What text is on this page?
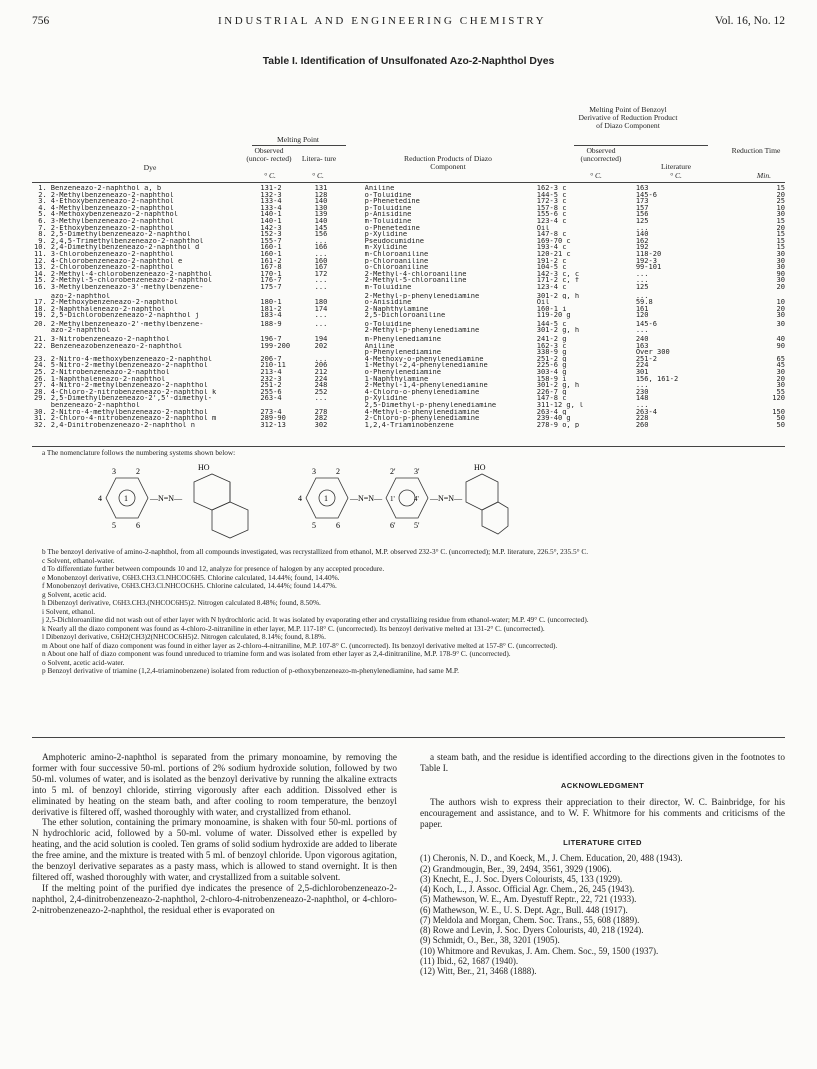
756	INDUSTRIAL AND ENGINEERING CHEMISTRY	Vol. 16, No. 12
Table I. Identification of Unsulfonated Azo-2-Naphthol Dyes
Melting Point
Observed (uncor- rected)	Litera- ture
° C.	° C.
Dye
Reduction Products of Diazo Component
Melting Point of Benzoyl Derivative of Reduction Product of Diazo Component
Observed (uncorrected)
Literature
° C.	° C.
Reduction Time
Min.
1.	Benzeneazo-2-naphthol a, b	131-2	131	Aniline	162-3 c	163	15
2.	2-Methylbenzeneazo-2-naphthol	132-3	128	o-Toluidine	144-5 c	145-6	20
3.	4-Ethoxybenzeneazo-2-naphthol	133-4	140	p-Phenetedine	172-3 c	173	25
4.	4-Methylbenzeneazo-2-naphthol	133-4	130	p-Toluidine	157-8 c	157	10
5.	4-Methoxybenzeneazo-2-naphthol	140-1	139	p-Anisidine	155-6 c	156	30
6.	3-Methylbenzeneazo-2-naphthol	140-1	140	m-Toluidine	123-4 c	125	15
7.	2-Ethoxybenzeneazo-2-naphthol	142-3	145	o-Phenetedine	Oil	...	20
8.	2,5-Dimethylbenzeneazo-2-naphthol	152-3	156	p-Xylidine	147-8 c	140	15
9.	2,4,5-Trimethylbenzeneazo-2-naphthol	155-7	...	Pseudocumidine	169-70 c	162	15
10.	2,4-Dimethylbenzeneazo-2-naphthol d	160-1	166	m-Xylidine	193-4 c	192	15
11.	3-Chlorobenzeneazo-2-naphthol	160-1	...	m-Chloroaniline	120-21 c	118-20	30
12.	4-Chlorobenzeneazo-2-naphthol e	161-2	160	p-Chloroaniline	191-2 c	192-3	30
13.	2-Chlorobenzeneazo-2-naphthol	167-8	167	o-Chloroaniline	104-5 c	99-101	30
14.	2-Methyl-4-chlorobenzeneazo-2-naphthol	170-1	172	2-Methyl-4-chloroaniline	142-3 c, c	...	90
15.	2-Methyl-5-chlorobenzeneazo-2-naphthol	176-7	...	2-Methyl-5-chloroaniline	171-2 c, f	...	30
16.	3-Methylbenzeneazo-3'-methylbenzene-	175-7	...	m-Toluidine	123-4 c	125	20

	azo-2-naphthol			2-Methyl-p-phenylenediamine	301-2 g, h	...	
17.	2-Methoxybenzeneazo-2-naphthol	180-1	180	o-Anisidine	Oil	59.8	10
18.	2-Naphthaleneazo-2-naphthol	181-2	174	2-Naphthylamine	160-1 i	161	20
19.	2,5-Dichlorobenzeneazo-2-naphthol j	183-4	...	2,5-Dichloroaniline	119-20 g	120	30

20.	2-Methylbenzeneazo-2'-methylbenzene-	188-9	...	o-Toluidine	144-5 c	145-6	30
	azo-2-naphthol			2-Methyl-p-phenylenediamine	301-2 g, h	...	

21.	3-Nitrobenzeneazo-2-naphthol	196-7	194	m-Phenylenediamine	241-2 g	240	40
22.	Benzeneazobenzeneazo-2-naphthol	199-200	202	Aniline	162-3 c	163	90
				p-Phenylenediamine	338-9 g	Over 300	
23.	2-Nitro-4-methoxybenzeneazo-2-naphthol	206-7	...	4-Methoxy-o-phenylenediamine	251-2 g	251-2	65
24.	5-Nitro-2-methylbenzeneazo-2-naphthol	210-11	206	1-Methyl-2,4-phenylenediamine	225-6 g	224	45
25.	2-Nitrobenzeneazo-2-naphthol	213-4	212	o-Phenylenediamine	303-4 g	301	30
26.	1-Naphthaleneazo-2-naphthol	232-3	224	1-Naphthylamine	158-9 i	156, 161-2	20
27.	4-Nitro-2-methylbenzeneazo-2-naphthol	251-2	248	2-Methyl-1,4-phenylenediamine	301-2 g, h	...	30
28.	4-Chloro-2-nitrobenzeneazo-2-naphthol k	255-6	252	4-Chloro-o-phenylenediamine	226-7 g	230	55
29.	2,5-Dimethylbenzeneazo-2',5'-dimethyl-	263-4	...	p-Xylidine	147-8 c	148	120
	benzeneazo-2-naphthol			2,5-Dimethyl-p-phenylenediamine	311-12 g, l	...	
30.	2-Nitro-4-methylbenzeneazo-2-naphthol	273-4	278	4-Methyl-o-phenylenediamine	263-4 g	263-4	150
31.	2-Chloro-4-nitrobenzeneazo-2-naphthol m	289-90	282	2-Chloro-p-phenylenediamine	239-40 g	228	50
32.	2,4-Dinitrobenzeneazo-2-naphthol n	312-13	302	1,2,4-Triaminobenzene	278-9 o, p	260	50

a The nomenclature follows the numbering systems shown below:

3	2
4	1
5	6
—N=N—
HO	3	2
4	1
5	6
—N=N—
2' 3'
1'	4'
6' 5'
—N=N—
HO

b The benzoyl derivative of amino-2-naphthol, from all compounds investigated, was recrystallized from ethanol, M.P. observed 232-3° C. (uncorrected); M.P. literature, 226.5°, 235.5° C.

c Solvent, ethanol-water.

d To differentiate further between compounds 10 and 12, analyze for presence of halogen by any accepted procedure.

e Monobenzoyl derivative, C6H3.CH3.Cl.NHCOC6H5. Chlorine calculated, 14.44%; found, 14.40%.

f Monobenzoyl derivative, C6H3.CH3.Cl.NHCOC6H5. Chlorine calculated, 14.44%; found 14.47%.

g Solvent, acetic acid.

h Dibenzoyl derivative, C6H3.CH3.(NHCOC6H5)2. Nitrogen calculated 8.48%; found, 8.50%.

i Solvent, ethanol.

j 2,5-Dichloroaniline did not wash out of ether layer with N hydrochloric acid. It was isolated by evaporating ether and crystallizing residue from ethanol-water; M.P. 49° C. (uncorrected).

k Nearly all the diazo component was found as 4-chloro-2-nitraniline in ether layer, M.P. 117-18° C. (uncorrected). Its benzoyl derivative melted at 131-2° C. (uncorrected).

l Dibenzoyl derivative, C6H2(CH3)2(NHCOC6H5)2. Nitrogen calculated, 8.14%; found, 8.18%.

m About one half of diazo component was found in either layer as 2-chloro-4-nitraniline, M.P. 107-8° C. (uncorrected). Its benzoyl derivative melted at 157-8° C. (uncorrected).

n About one half of diazo component was found unreduced to triamine form and was isolated from ether layer as 2,4-dinitraniline, M.P. 178-9° C. (uncorrected).

o Solvent, acetic acid-water.

p Benzoyl derivative of triamine (1,2,4-triaminobenzene) isolated from reduction of p-ethoxybenzeneazo-m-phenylenediamine, had same M.P.

Amphoteric amino-2-naphthol is separated from the primary monoamine, by removing the former with four successive 50-ml. portions of 2% sodium hydroxide solution, followed by two 50-ml. volumes of water, and is isolated as the benzoyl derivative by running the alkaline extracts into 5 ml. of benzoyl chloride, stirring vigorously after each addition. Dissolved ether is eliminated by heating on the steam bath, and after cooling to room temperature, the benzoyl derivative is filtered off, washed thoroughly with water, and crystallized from ethanol.

The ether solution, containing the primary monoamine, is shaken with four 50-ml. portions of N hydrochloric acid, followed by a 50-ml. volume of water. Dissolved ether is expelled by heating, and the acid solution is cooled. Ten grams of solid sodium hydroxide are added to liberate the free amine, and the mixture is treated with 5 ml. of benzoyl chloride. Upon vigorous agitation, the benzoyl derivative separates as a pasty mass, which is allowed to stand overnight. It is then filtered off, washed thoroughly with water, and crystallized from a suitable solvent.

If the melting point of the purified dye indicates the presence of 2,5-dichlorobenzeneazo-2-naphthol, 2,4-dinitrobenzeneazo-2-naphthol, 2-chloro-4-nitrobenzeneazo-2-naphthol, or 4-chloro-2-nitrobenzeneazo-2-naphthol, the residual ether is evaporated on

a steam bath, and the residue is identified according to the directions given in the footnotes to Table I.

ACKNOWLEDGMENT

The authors wish to express their appreciation to their director, W. C. Bainbridge, for his encouragement and assistance, and to W. F. Whitmore for his comments and criticisms of the paper.

LITERATURE CITED
(1) Cheronis, N. D., and Koeck, M., J. Chem. Education, 20, 488 (1943).
(2) Grandmougin, Ber., 39, 2494, 3561, 3929 (1906).
(3) Knecht, E., J. Soc. Dyers Colourists, 45, 133 (1929).
(4) Koch, L., J. Assoc. Official Agr. Chem., 26, 245 (1943).
(5) Mathewson, W. E., Am. Dyestuff Reptr., 22, 721 (1933).
(6) Mathewson, W. E., U. S. Dept. Agr., Bull. 448 (1917).
(7) Meldola and Morgan, Chem. Soc. Trans., 55, 608 (1889).
(8) Rowe and Levin, J. Soc. Dyers Colourists, 40, 218 (1924).
(9) Schmidt, O., Ber., 38, 3201 (1905).
(10) Whitmore and Revukas, J. Am. Chem. Soc., 59, 1500 (1937).
(11) Ibid., 62, 1687 (1940).
(12) Witt, Ber., 21, 3468 (1888).
